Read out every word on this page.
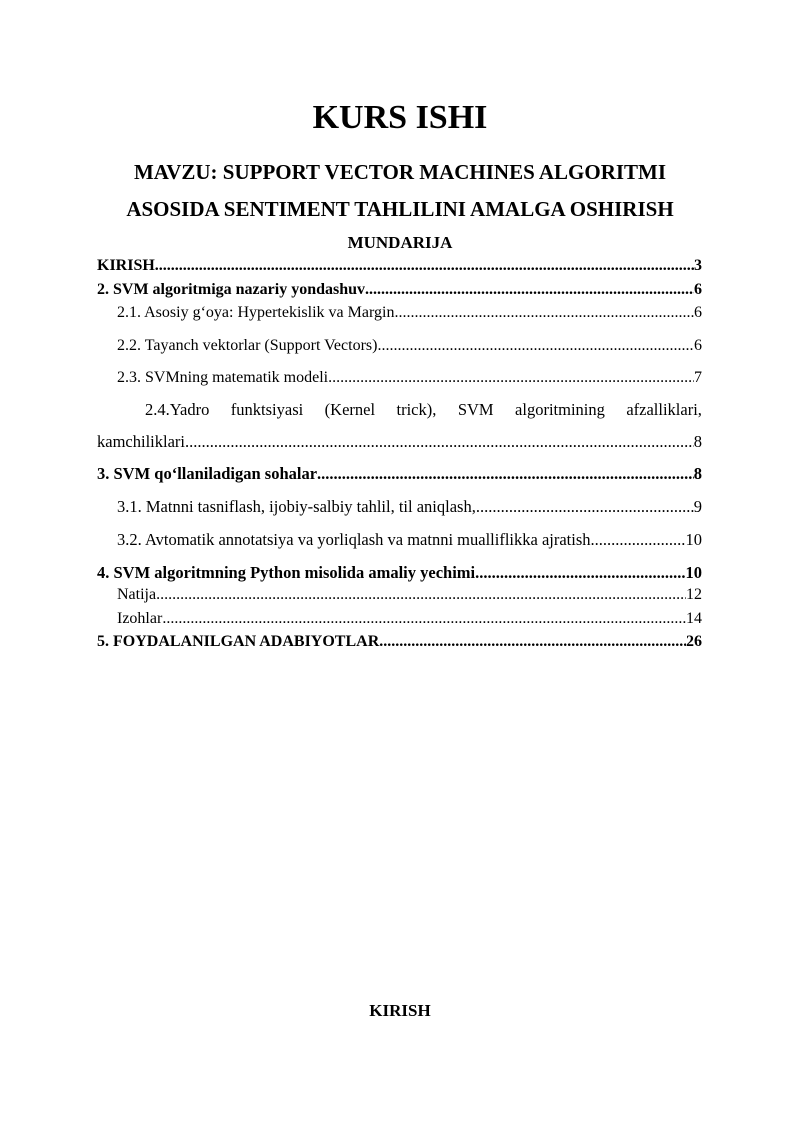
KURS ISHI
MAVZU: SUPPORT VECTOR MACHINES ALGORITMI
ASOSIDA SENTIMENT TAHLILINI AMALGA OSHIRISH
MUNDARIJA
KIRISH .....	3
2. SVM algoritmiga nazariy yondashuv .....	6
2.1. Asosiy g‘oya: Hypertekislik va Margin .....	6
2.2. Tayanch vektorlar (Support Vectors) .....	6
2.3. SVMning matematik modeli .....	7
2.4.Yadro funktsiyasi (Kernel trick), SVM algoritmining afzalliklari,
kamchiliklari .....	8
3. SVM qo‘llaniladigan sohalar .....	8
3.1. Matnni tasniflash, ijobiy-salbiy tahlil, til aniqlash, .....	9
3.2. Avtomatik annotatsiya va yorliqlash va matnni mualliflikka ajratish .....	10
4. SVM algoritmning Python misolida amaliy yechimi .....	10
Natija .....	12
Izohlar .....	14
5. FOYDALANILGAN ADABIYOTLAR .....	26
KIRISH
